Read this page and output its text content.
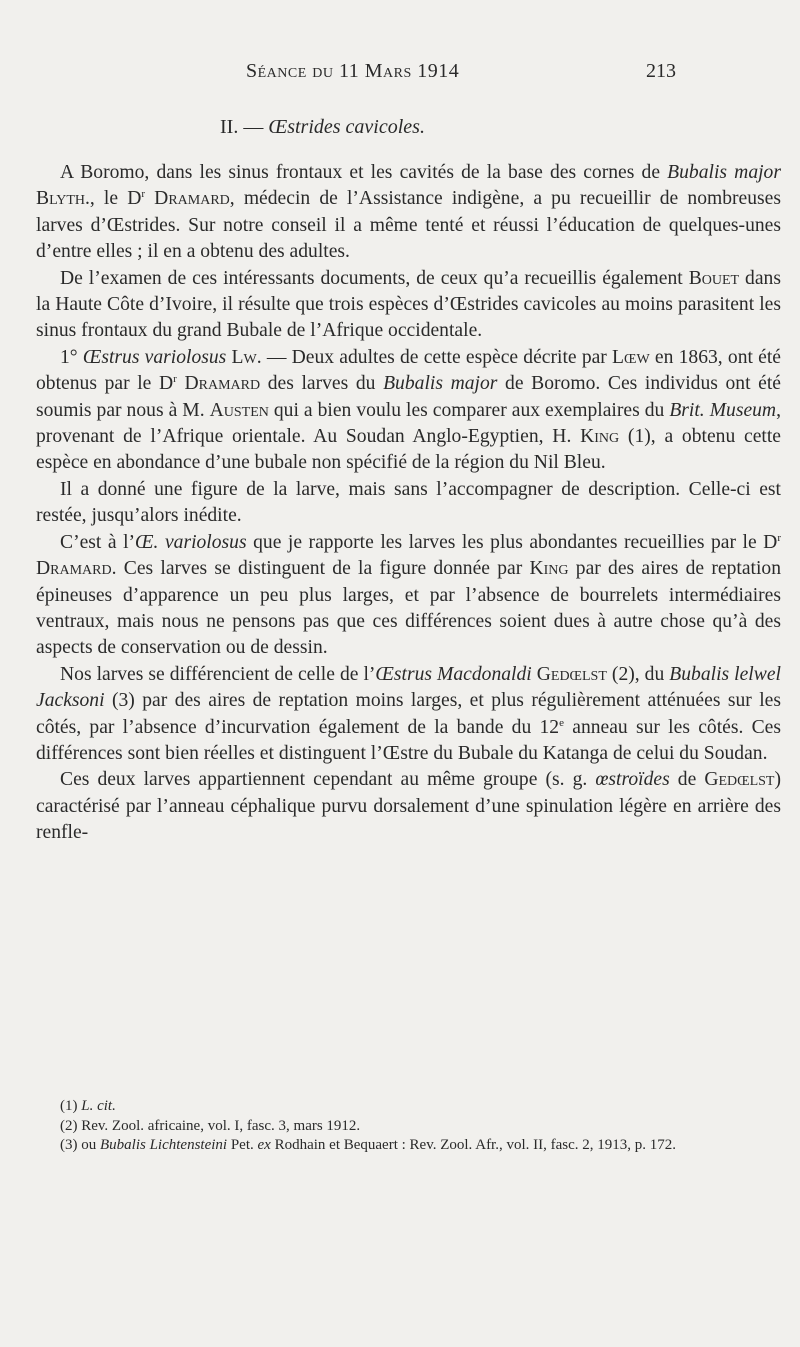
Séance du 11 Mars 1914	213
II. — Œstrides cavicoles.

A Boromo, dans les sinus frontaux et les cavités de la base des cornes de Bubalis major Blyth., le $D^r$ Dramard, médecin de l’Assistance indigène, a pu recueillir de nombreuses larves d’Œstrides. Sur notre conseil il a même tenté et réussi l’éducation de quelques-unes d’entre elles ; il en a obtenu des adultes.

De l’examen de ces intéressants documents, de ceux qu’a recueillis également Bouet dans la Haute Côte d’Ivoire, il résulte que trois espèces d’Œstrides cavicoles au moins parasitent les sinus frontaux du grand Bubale de l’Afrique occidentale.

1° Œstrus variolosus Lw. — Deux adultes de cette espèce décrite par Lœw en 1863, ont été obtenus par le $D^r$ Dramard des larves du Bubalis major de Boromo. Ces individus ont été soumis par nous à M. Austen qui a bien voulu les comparer aux exemplaires du Brit. Museum, provenant de l’Afrique orientale. Au Soudan Anglo-Egyptien, H. King (1), a obtenu cette espèce en abondance d’une bubale non spécifié de la région du Nil Bleu.

Il a donné une figure de la larve, mais sans l’accompagner de description. Celle-ci est restée, jusqu’alors inédite.

C’est à l’Œ. variolosus que je rapporte les larves les plus abondantes recueillies par le $D^r$ Dramard. Ces larves se distinguent de la figure donnée par King par des aires de reptation épineuses d’apparence un peu plus larges, et par l’absence de bourrelets intermédiaires ventraux, mais nous ne pensons pas que ces différences soient dues à autre chose qu’à des aspects de conservation ou de dessin.

Nos larves se différencient de celle de l’Œstrus Macdonaldi Gedœlst (2), du Bubalis lelwel Jacksoni (3) par des aires de reptation moins larges, et plus régulièrement atténuées sur les côtés, par l’absence d’incurvation également de la bande du 12e anneau sur les côtés. Ces différences sont bien réelles et distinguent l’Œstre du Bubale du Katanga de celui du Soudan.

Ces deux larves appartiennent cependant au même groupe (s. g. œstroïdes de Gedœlst) caractérisé par l’anneau céphalique purvu dorsalement d’une spinulation légère en arrière des renfle-

(1) L. cit.

(2) Rev. Zool. africaine, vol. I, fasc. 3, mars 1912.

(3) ou Bubalis Lichtensteini Pet. ex Rodhain et Bequaert : Rev. Zool. Afr., vol. II, fasc. 2, 1913, p. 172.
